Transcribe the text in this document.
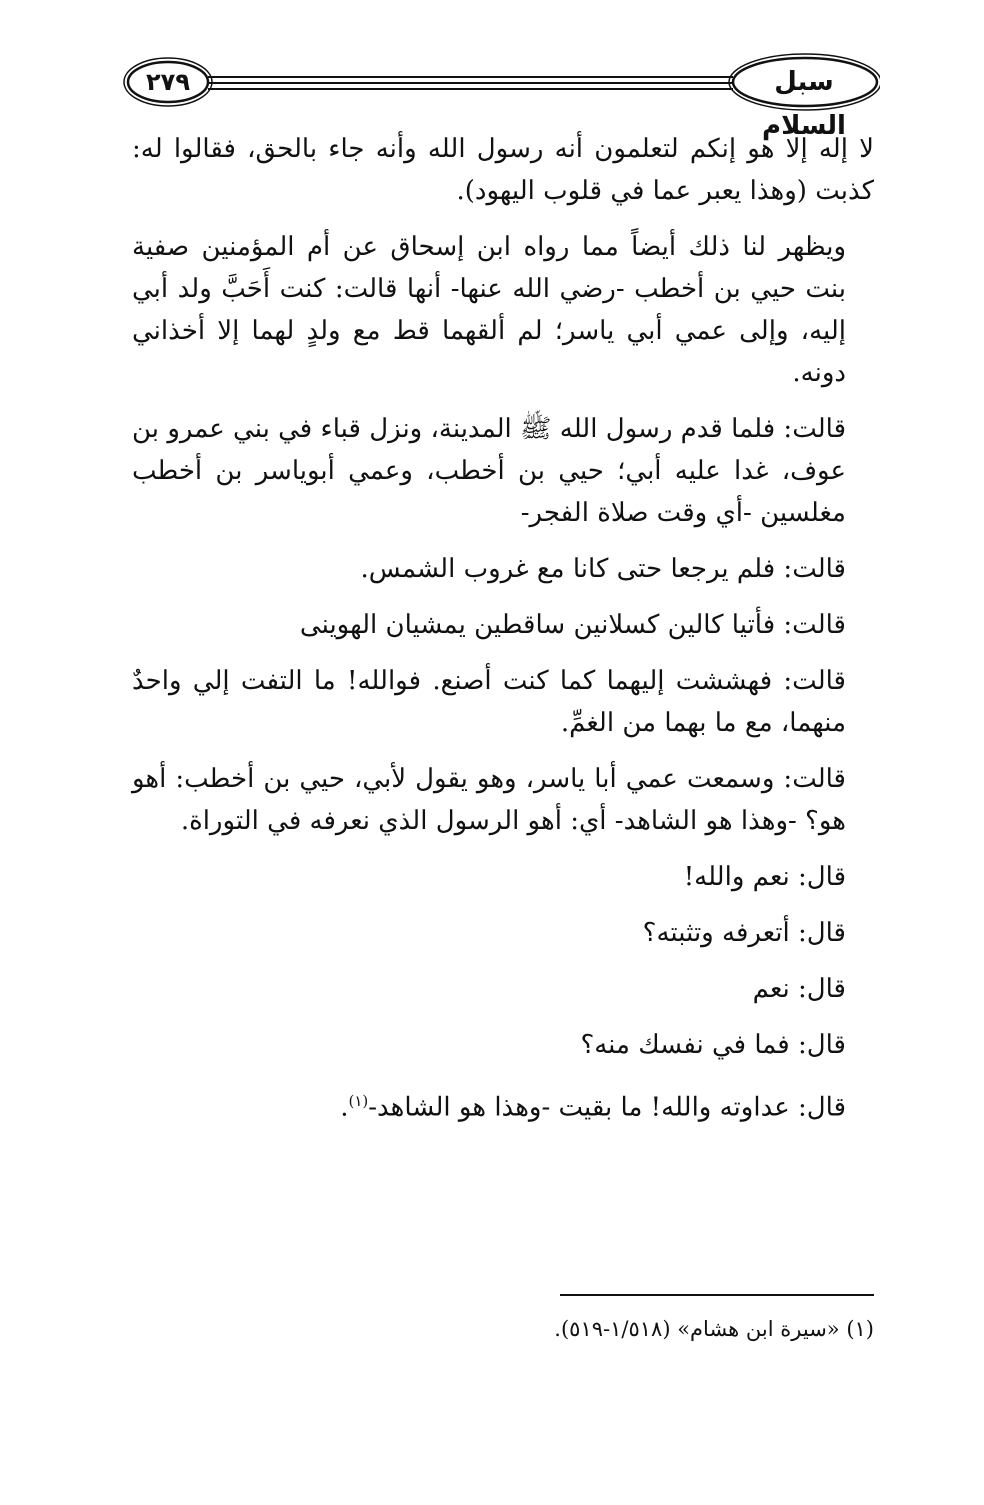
سبل السلام
٢٧٩

لا إله إلا هو إنكم لتعلمون أنه رسول الله وأنه جاء بالحق، فقالوا له: كذبت (وهذا يعبر عما في قلوب اليهود).

ويظهر لنا ذلك أيضاً مما رواه ابن إسحاق عن أم المؤمنين صفية بنت حيي بن أخطب -رضي الله عنها- أنها قالت: كنت أَحَبَّ ولد أبي إليه، وإلى عمي أبي ياسر؛ لم ألقهما قط مع ولدٍ لهما إلا أخذاني دونه.

قالت: فلما قدم رسول الله ﷺ المدينة، ونزل قباء في بني عمرو بن عوف، غدا عليه أبي؛ حيي بن أخطب، وعمي أبوياسر بن أخطب مغلسين -أي وقت صلاة الفجر-

قالت: فلم يرجعا حتى كانا مع غروب الشمس.

قالت: فأتيا كالين كسلانين ساقطين يمشيان الهوينى

قالت: فهششت إليهما كما كنت أصنع. فوالله! ما التفت إلي واحدٌ منهما، مع ما بهما من الغمِّ.

قالت: وسمعت عمي أبا ياسر، وهو يقول لأبي، حيي بن أخطب: أهو هو؟ -وهذا هو الشاهد- أي: أهو الرسول الذي نعرفه في التوراة.

قال: نعم والله!

قال: أتعرفه وتثبته؟

قال: نعم

قال: فما في نفسك منه؟

قال: عداوته والله! ما بقيت -وهذا هو الشاهد-$^{(١)}$.

(١) «سيرة ابن هشام» (١/٥١٨-٥١٩).
